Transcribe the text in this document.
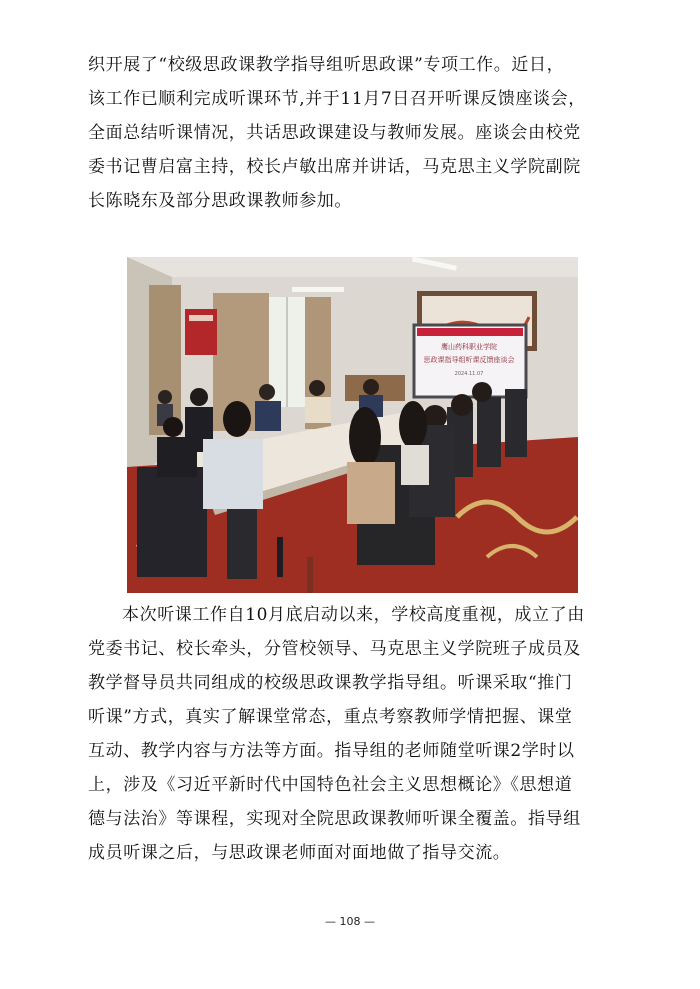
织开展了“校级思政课教学指导组听思政课”专项工作。近日，
该工作已顺利完成听课环节,并于11月7日召开听课反馈座谈会，
全面总结听课情况，共话思政课建设与教师发展。座谈会由校党
委书记曹启富主持，校长卢敏出席并讲话，马克思主义学院副院
长陈晓东及部分思政课教师参加。

鹰山药科职业学院
思政课指导组听课反馈座谈会
2024.11.07

本次听课工作自10月底启动以来，学校高度重视，成立了由
党委书记、校长牵头，分管校领导、马克思主义学院班子成员及
教学督导员共同组成的校级思政课教学指导组。听课采取“推门
听课”方式，真实了解课堂常态，重点考察教师学情把握、课堂
互动、教学内容与方法等方面。指导组的老师随堂听课2学时以
上，涉及《习近平新时代中国特色社会主义思想概论》《思想道
德与法治》等课程，实现对全院思政课教师听课全覆盖。指导组
成员听课之后，与思政课老师面对面地做了指导交流。

— 108 —
